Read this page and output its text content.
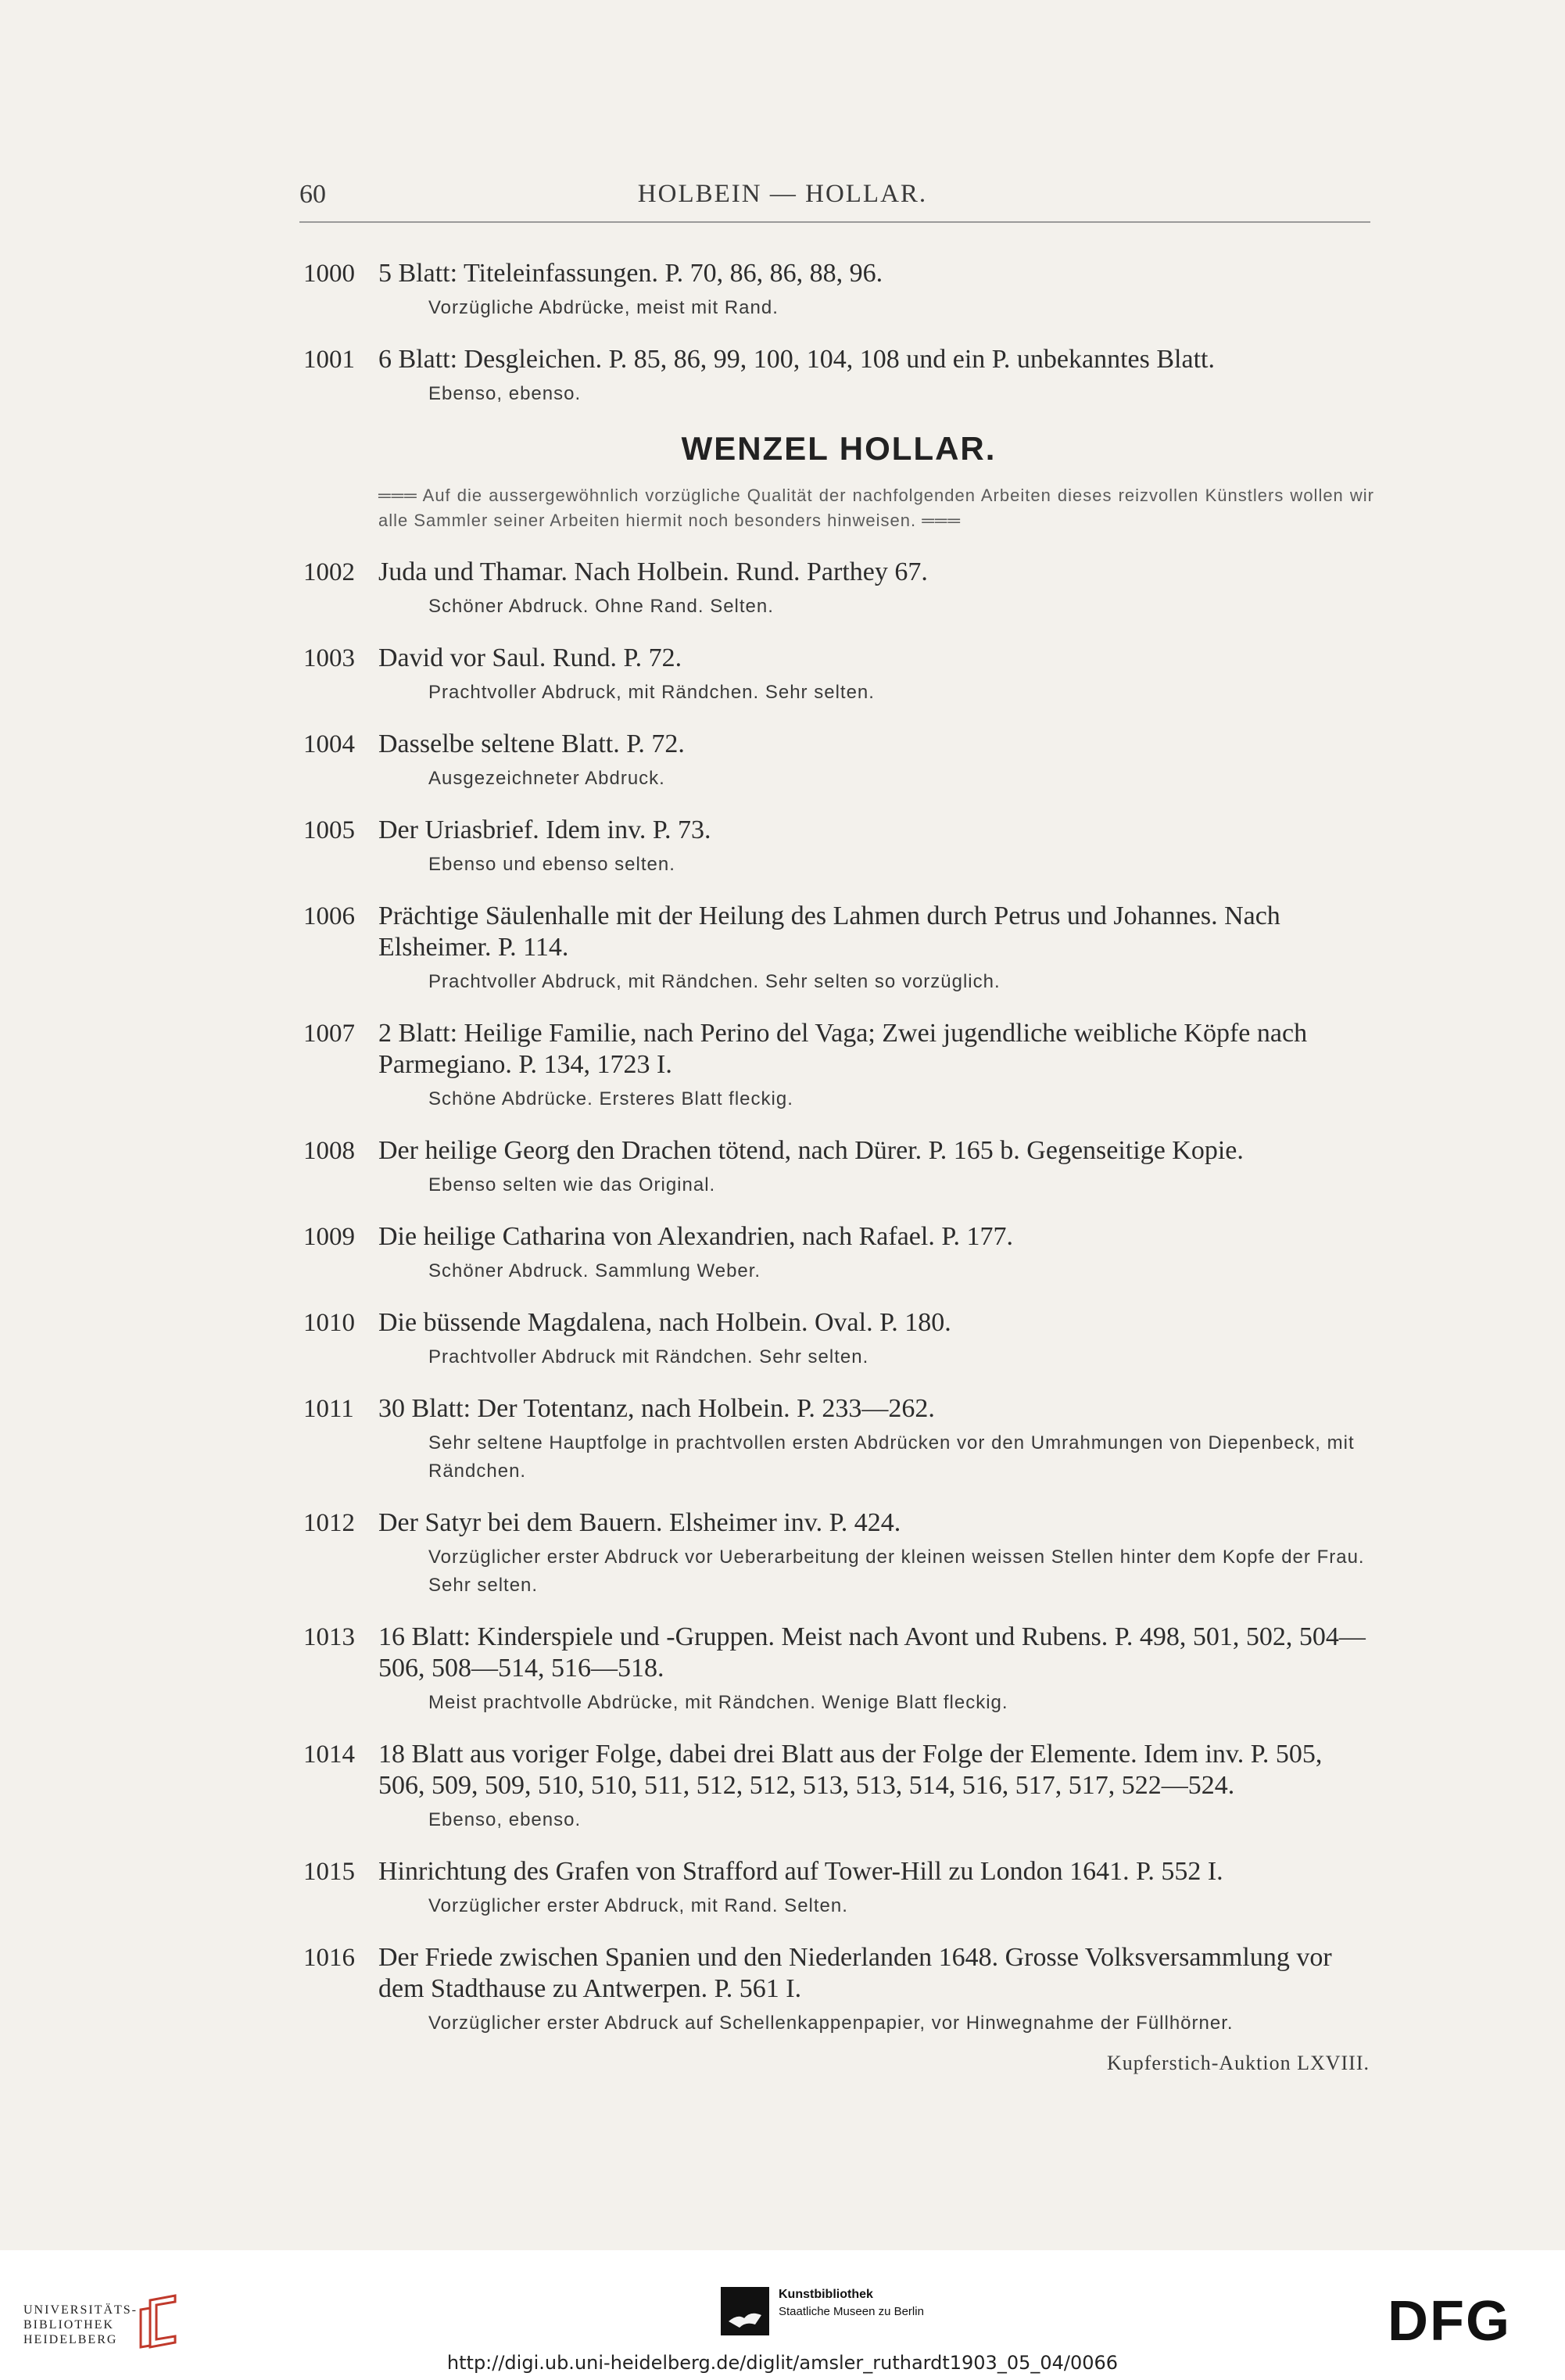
60	HOLBEIN — HOLLAR.
1000 5 Blatt: Titeleinfassungen. P. 70, 86, 86, 88, 96.
Vorzügliche Abdrücke, meist mit Rand.
1001 6 Blatt: Desgleichen. P. 85, 86, 99, 100, 104, 108 und ein P. unbekanntes Blatt.
Ebenso, ebenso.
WENZEL HOLLAR.
═══ Auf die aussergewöhnlich vorzügliche Qualität der nachfolgenden Arbeiten dieses reizvollen Künstlers wollen wir alle Sammler seiner Arbeiten hiermit noch besonders hinweisen. ═══
1002 Juda und Thamar. Nach Holbein. Rund. Parthey 67.
Schöner Abdruck. Ohne Rand. Selten.
1003 David vor Saul. Rund. P. 72.
Prachtvoller Abdruck, mit Rändchen. Sehr selten.
1004 Dasselbe seltene Blatt. P. 72.
Ausgezeichneter Abdruck.
1005 Der Uriasbrief. Idem inv. P. 73.
Ebenso und ebenso selten.
1006 Prächtige Säulenhalle mit der Heilung des Lahmen durch Petrus und Johannes. Nach Elsheimer. P. 114.
Prachtvoller Abdruck, mit Rändchen. Sehr selten so vorzüglich.
1007 2 Blatt: Heilige Familie, nach Perino del Vaga; Zwei jugendliche weibliche Köpfe nach Parmegiano. P. 134, 1723 I.
Schöne Abdrücke. Ersteres Blatt fleckig.
1008 Der heilige Georg den Drachen tötend, nach Dürer. P. 165 b. Gegenseitige Kopie.
Ebenso selten wie das Original.
1009 Die heilige Catharina von Alexandrien, nach Rafael. P. 177.
Schöner Abdruck. Sammlung Weber.
1010 Die büssende Magdalena, nach Holbein. Oval. P. 180.
Prachtvoller Abdruck mit Rändchen. Sehr selten.
1011 30 Blatt: Der Totentanz, nach Holbein. P. 233—262.
Sehr seltene Hauptfolge in prachtvollen ersten Abdrücken vor den Umrahmungen von Diepenbeck, mit Rändchen.
1012 Der Satyr bei dem Bauern. Elsheimer inv. P. 424.
Vorzüglicher erster Abdruck vor Ueberarbeitung der kleinen weissen Stellen hinter dem Kopfe der Frau. Sehr selten.
1013 16 Blatt: Kinderspiele und -Gruppen. Meist nach Avont und Rubens. P. 498, 501, 502, 504—506, 508—514, 516—518.
Meist prachtvolle Abdrücke, mit Rändchen. Wenige Blatt fleckig.
1014 18 Blatt aus voriger Folge, dabei drei Blatt aus der Folge der Elemente. Idem inv. P. 505, 506, 509, 509, 510, 510, 511, 512, 512, 513, 513, 514, 516, 517, 517, 522—524.
Ebenso, ebenso.
1015 Hinrichtung des Grafen von Strafford auf Tower-Hill zu London 1641. P. 552 I.
Vorzüglicher erster Abdruck, mit Rand. Selten.
1016 Der Friede zwischen Spanien und den Niederlanden 1648. Grosse Volksversammlung vor dem Stadthause zu Antwerpen. P. 561 I.
Vorzüglicher erster Abdruck auf Schellenkappenpapier, vor Hinwegnahme der Füllhörner.
Kupferstich-Auktion LXVIII.
UNIVERSITÄTS-
BIBLIOTHEK
HEIDELBERG
Kunstbibliothek
Staatliche Museen zu Berlin	DFG
http://digi.ub.uni-heidelberg.de/diglit/amsler_ruthardt1903_05_04/0066
